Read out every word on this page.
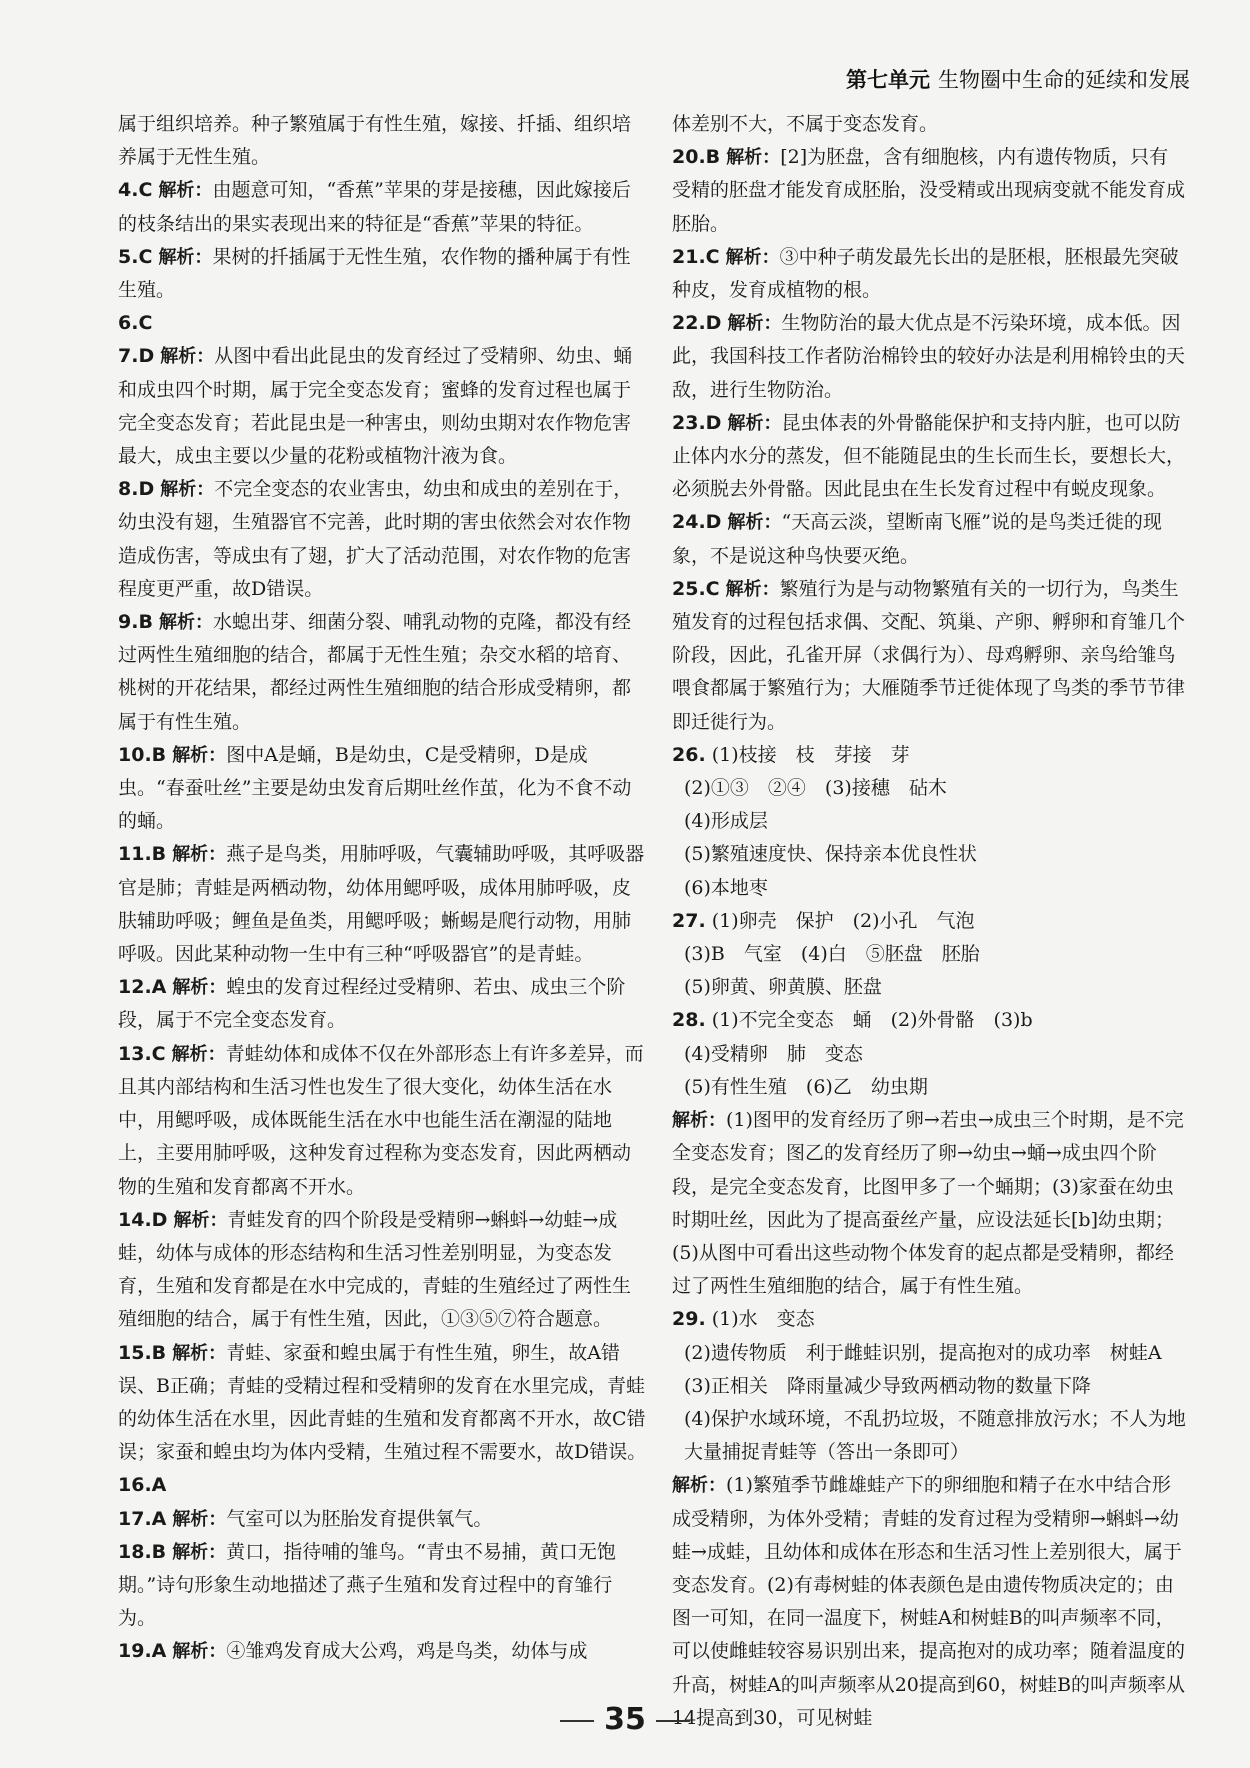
第七单元 生物圈中生命的延续和发展
属于组织培养。种子繁殖属于有性生殖，嫁接、扦插、组织培养属于无性生殖。
4.C 解析：由题意可知，“香蕉”苹果的芽是接穗，因此嫁接后的枝条结出的果实表现出来的特征是“香蕉”苹果的特征。
5.C 解析：果树的扦插属于无性生殖，农作物的播种属于有性生殖。
6.C
7.D 解析：从图中看出此昆虫的发育经过了受精卵、幼虫、蛹和成虫四个时期，属于完全变态发育；蜜蜂的发育过程也属于完全变态发育；若此昆虫是一种害虫，则幼虫期对农作物危害最大，成虫主要以少量的花粉或植物汁液为食。
8.D 解析：不完全变态的农业害虫，幼虫和成虫的差别在于，幼虫没有翅，生殖器官不完善，此时期的害虫依然会对农作物造成伤害，等成虫有了翅，扩大了活动范围，对农作物的危害程度更严重，故D错误。
9.B 解析：水螅出芽、细菌分裂、哺乳动物的克隆，都没有经过两性生殖细胞的结合，都属于无性生殖；杂交水稻的培育、桃树的开花结果，都经过两性生殖细胞的结合形成受精卵，都属于有性生殖。
10.B 解析：图中A是蛹，B是幼虫，C是受精卵，D是成虫。“春蚕吐丝”主要是幼虫发育后期吐丝作茧，化为不食不动的蛹。
11.B 解析：燕子是鸟类，用肺呼吸，气囊辅助呼吸，其呼吸器官是肺；青蛙是两栖动物，幼体用鳃呼吸，成体用肺呼吸，皮肤辅助呼吸；鲤鱼是鱼类，用鳃呼吸；蜥蜴是爬行动物，用肺呼吸。因此某种动物一生中有三种“呼吸器官”的是青蛙。
12.A 解析：蝗虫的发育过程经过受精卵、若虫、成虫三个阶段，属于不完全变态发育。
13.C 解析：青蛙幼体和成体不仅在外部形态上有许多差异，而且其内部结构和生活习性也发生了很大变化，幼体生活在水中，用鳃呼吸，成体既能生活在水中也能生活在潮湿的陆地上，主要用肺呼吸，这种发育过程称为变态发育，因此两栖动物的生殖和发育都离不开水。
14.D 解析：青蛙发育的四个阶段是受精卵→蝌蚪→幼蛙→成蛙，幼体与成体的形态结构和生活习性差别明显，为变态发育，生殖和发育都是在水中完成的，青蛙的生殖经过了两性生殖细胞的结合，属于有性生殖，因此，①③⑤⑦符合题意。
15.B 解析：青蛙、家蚕和蝗虫属于有性生殖，卵生，故A错误、B正确；青蛙的受精过程和受精卵的发育在水里完成，青蛙的幼体生活在水里，因此青蛙的生殖和发育都离不开水，故C错误；家蚕和蝗虫均为体内受精，生殖过程不需要水，故D错误。
16.A
17.A 解析：气室可以为胚胎发育提供氧气。
18.B 解析：黄口，指待哺的雏鸟。“青虫不易捕，黄口无饱期。”诗句形象生动地描述了燕子生殖和发育过程中的育雏行为。
19.A 解析：④雏鸡发育成大公鸡，鸡是鸟类，幼体与成
体差别不大，不属于变态发育。
20.B 解析：[2]为胚盘，含有细胞核，内有遗传物质，只有受精的胚盘才能发育成胚胎，没受精或出现病变就不能发育成胚胎。
21.C 解析：③中种子萌发最先长出的是胚根，胚根最先突破种皮，发育成植物的根。
22.D 解析：生物防治的最大优点是不污染环境，成本低。因此，我国科技工作者防治棉铃虫的较好办法是利用棉铃虫的天敌，进行生物防治。
23.D 解析：昆虫体表的外骨骼能保护和支持内脏，也可以防止体内水分的蒸发，但不能随昆虫的生长而生长，要想长大，必须脱去外骨骼。因此昆虫在生长发育过程中有蜕皮现象。
24.D 解析：“天高云淡，望断南飞雁”说的是鸟类迁徙的现象，不是说这种鸟快要灭绝。
25.C 解析：繁殖行为是与动物繁殖有关的一切行为，鸟类生殖发育的过程包括求偶、交配、筑巢、产卵、孵卵和育雏几个阶段，因此，孔雀开屏（求偶行为）、母鸡孵卵、亲鸟给雏鸟喂食都属于繁殖行为；大雁随季节迁徙体现了鸟类的季节节律即迁徙行为。
26. (1)枝接　枝　芽接　芽
(2)①③　②④　(3)接穗　砧木
(4)形成层
(5)繁殖速度快、保持亲本优良性状
(6)本地枣
27. (1)卵壳　保护　(2)小孔　气泡
(3)B　气室　(4)白　⑤胚盘　胚胎
(5)卵黄、卵黄膜、胚盘
28. (1)不完全变态　蛹　(2)外骨骼　(3)b
(4)受精卵　肺　变态
(5)有性生殖　(6)乙　幼虫期
解析：(1)图甲的发育经历了卵→若虫→成虫三个时期，是不完全变态发育；图乙的发育经历了卵→幼虫→蛹→成虫四个阶段，是完全变态发育，比图甲多了一个蛹期；(3)家蚕在幼虫时期吐丝，因此为了提高蚕丝产量，应设法延长[b]幼虫期；(5)从图中可看出这些动物个体发育的起点都是受精卵，都经过了两性生殖细胞的结合，属于有性生殖。
29. (1)水　变态
(2)遗传物质　利于雌蛙识别，提高抱对的成功率　树蛙A
(3)正相关　降雨量减少导致两栖动物的数量下降
(4)保护水域环境，不乱扔垃圾，不随意排放污水；不人为地大量捕捉青蛙等（答出一条即可）
解析：(1)繁殖季节雌雄蛙产下的卵细胞和精子在水中结合形成受精卵，为体外受精；青蛙的发育过程为受精卵→蝌蚪→幼蛙→成蛙，且幼体和成体在形态和生活习性上差别很大，属于变态发育。(2)有毒树蛙的体表颜色是由遗传物质决定的；由图一可知，在同一温度下，树蛙A和树蛙B的叫声频率不同，可以使雌蛙较容易识别出来，提高抱对的成功率；随着温度的升高，树蛙A的叫声频率从20提高到60，树蛙B的叫声频率从14提高到30，可见树蛙
35
